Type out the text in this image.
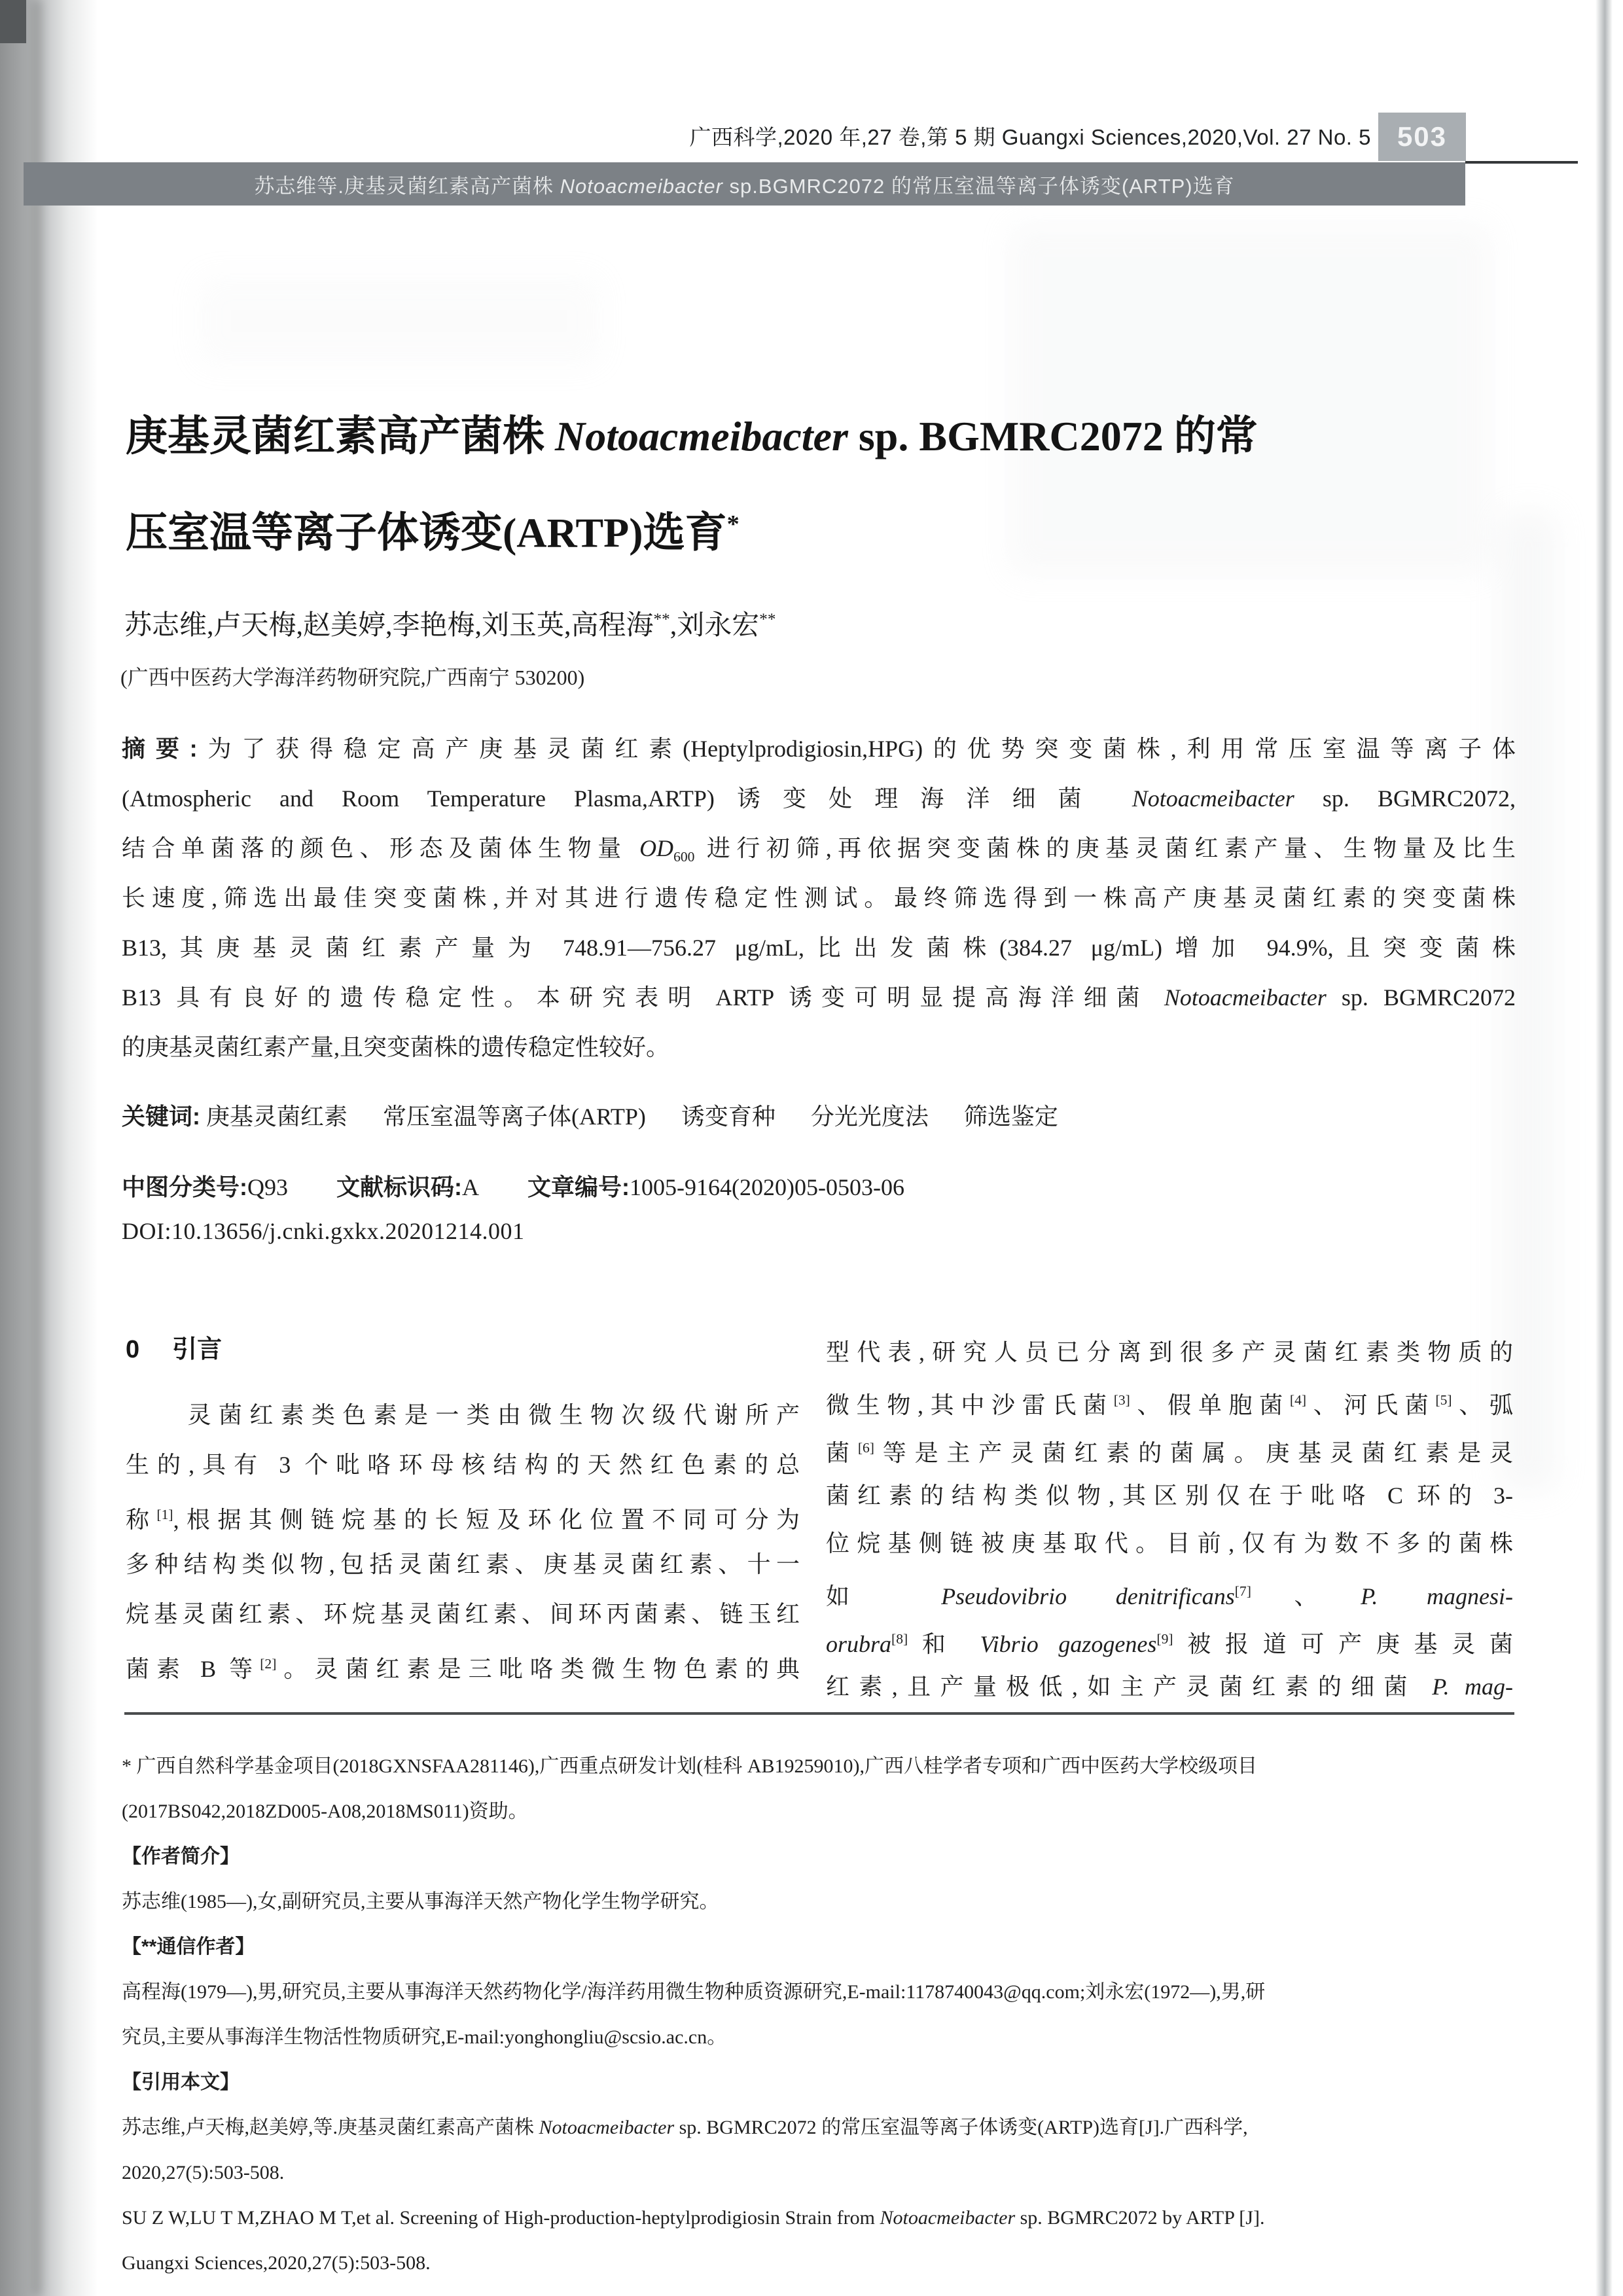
广西科学,2020 年,27 卷,第 5 期 Guangxi Sciences,2020,Vol. 27 No. 5 503
苏志维等.庚基灵菌红素高产菌株 Notoacmeibacter sp.BGMRC2072 的常压室温等离子体诱变(ARTP)选育
庚基灵菌红素高产菌株 Notoacmeibacter sp. BGMRC2072 的常
压室温等离子体诱变(ARTP)选育*
苏志维,卢天梅,赵美婷,李艳梅,刘玉英,高程海**,刘永宏**
(广西中医药大学海洋药物研究院,广西南宁 530200)
摘要:为了获得稳定高产庚基灵菌红素(Heptylprodigiosin,HPG)的优势突变菌株,利用常压室温等离子体
(Atmospheric and Room Temperature Plasma,ARTP)诱变处理海洋细菌 Notoacmeibacter sp. BGMRC2072,
结合单菌落的颜色、形态及菌体生物量 $OD_{600}$ 进行初筛,再依据突变菌株的庚基灵菌红素产量、生物量及比生
长速度,筛选出最佳突变菌株,并对其进行遗传稳定性测试。最终筛选得到一株高产庚基灵菌红素的突变菌株
B13,其庚基灵菌红素产量为 748.91—756.27 μg/mL,比出发菌株(384.27 μg/mL)增加 94.9%,且突变菌株
B13 具有良好的遗传稳定性。本研究表明 ARTP 诱变可明显提高海洋细菌 Notoacmeibacter sp. BGMRC2072
的庚基灵菌红素产量,且突变菌株的遗传稳定性较好。
关键词: 庚基灵菌红素 常压室温等离子体(ARTP) 诱变育种 分光光度法 筛选鉴定
中图分类号:Q93 文献标识码:A 文章编号:1005-9164(2020)05-0503-06
DOI:10.13656/j.cnki.gxkx.20201214.001
0 引言
　　灵菌红素类色素是一类由微生物次级代谢所产
生的,具有 3 个吡咯环母核结构的天然红色素的总
称[1],根据其侧链烷基的长短及环化位置不同可分为
多种结构类似物,包括灵菌红素、庚基灵菌红素、十一
烷基灵菌红素、环烷基灵菌红素、间环丙菌素、链玉红
菌素 B 等[2]。灵菌红素是三吡咯类微生物色素的典
型代表,研究人员已分离到很多产灵菌红素类物质的
微生物,其中沙雷氏菌[3]、假单胞菌[4]、河氏菌[5]、弧
菌[6]等是主产灵菌红素的菌属。庚基灵菌红素是灵
菌红素的结构类似物,其区别仅在于吡咯 C 环的 3-
位烷基侧链被庚基取代。目前,仅有为数不多的菌株
如 Pseudovibrio denitrificans[7]、P. magnesi-
orubra[8]和 Vibrio gazogenes[9]被报道可产庚基灵菌
红素,且产量极低,如主产灵菌红素的细菌 P. mag-
* 广西自然科学基金项目(2018GXNSFAA281146),广西重点研发计划(桂科 AB19259010),广西八桂学者专项和广西中医药大学校级项目
(2017BS042,2018ZD005-A08,2018MS011)资助。
【作者简介】
苏志维(1985—),女,副研究员,主要从事海洋天然产物化学生物学研究。
【**通信作者】
高程海(1979—),男,研究员,主要从事海洋天然药物化学/海洋药用微生物种质资源研究,E-mail:1178740043@qq.com;刘永宏(1972—),男,研
究员,主要从事海洋生物活性物质研究,E-mail:yonghongliu@scsio.ac.cn。
【引用本文】
苏志维,卢天梅,赵美婷,等.庚基灵菌红素高产菌株 Notoacmeibacter sp. BGMRC2072 的常压室温等离子体诱变(ARTP)选育[J].广西科学,
2020,27(5):503-508.
SU Z W,LU T M,ZHAO M T,et al. Screening of High-production-heptylprodigiosin Strain from Notoacmeibacter sp. BGMRC2072 by ARTP [J].
Guangxi Sciences,2020,27(5):503-508.
